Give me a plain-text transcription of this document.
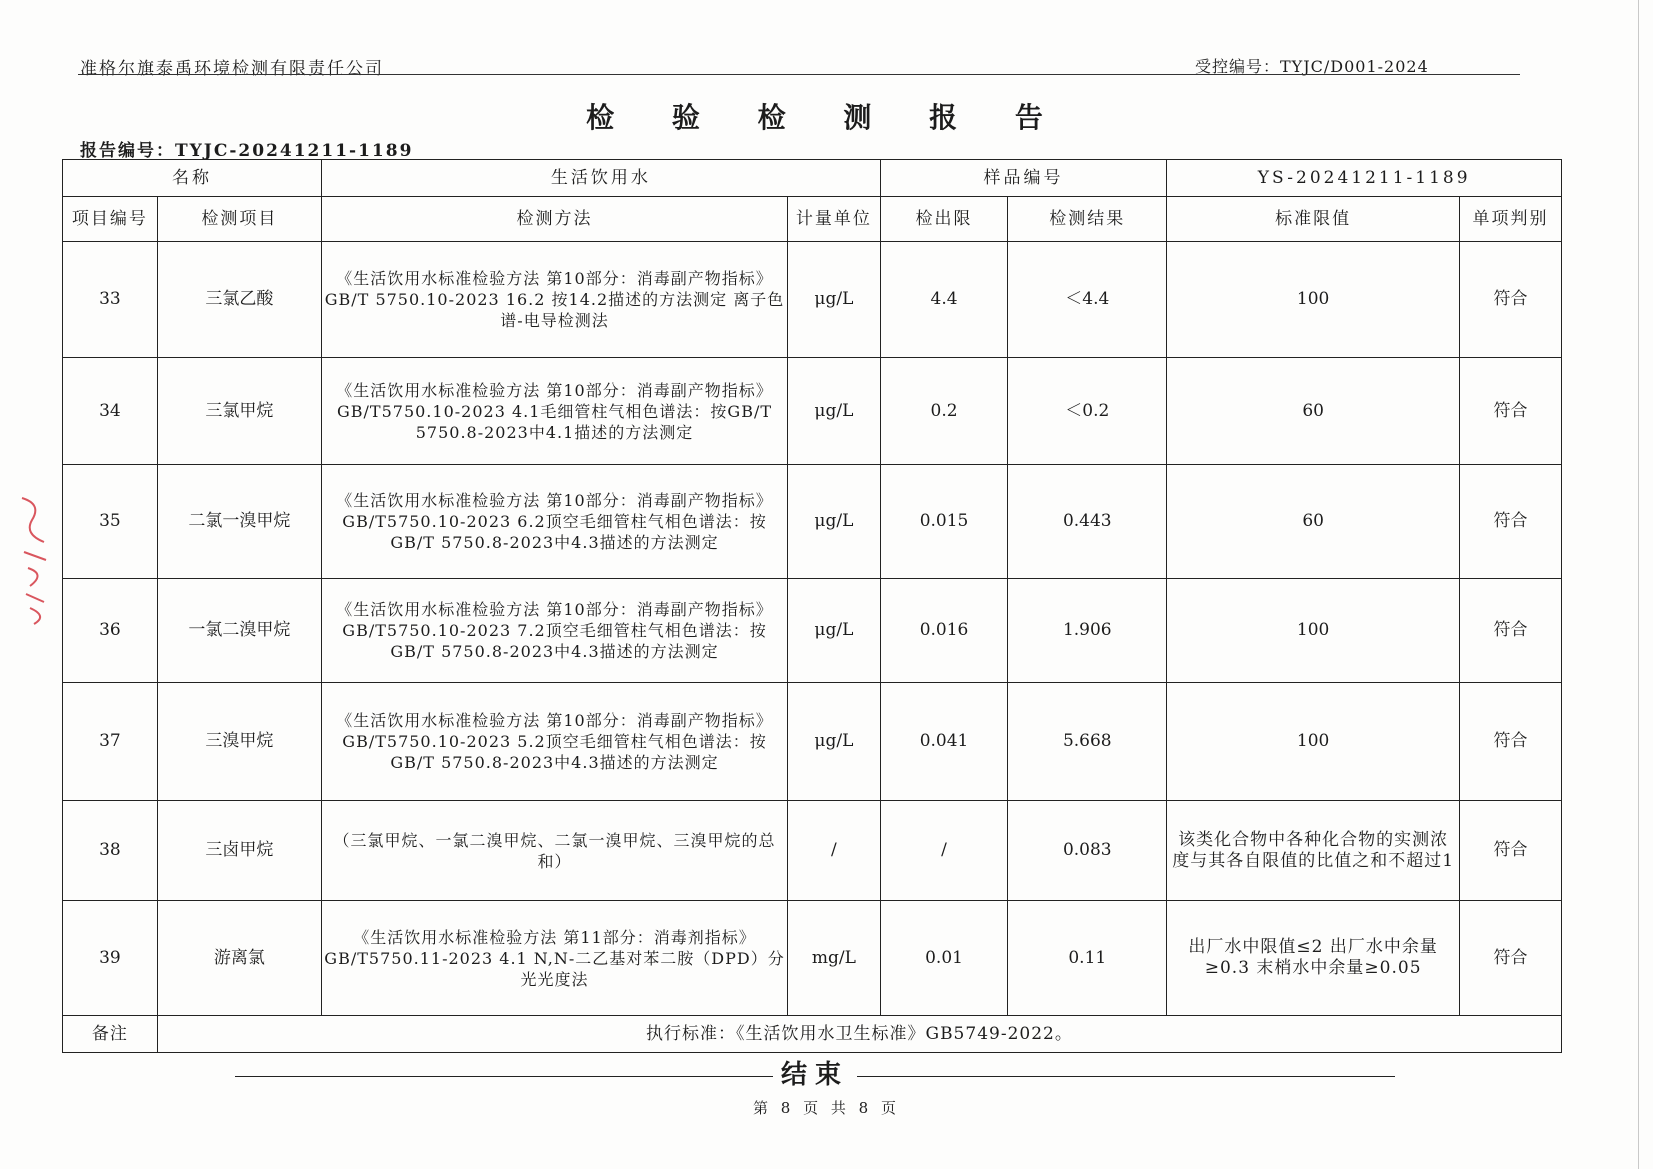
准格尔旗泰禹环境检测有限责任公司	受控编号：TYJC/D001-2024
检 验 检 测 报 告
报告编号：TYJC-20241211-1189
名称		生活饮用水		样品编号		YS-20241211-1189	
项目编号	检测项目	检测方法	计量单位	检出限	检测结果	标准限值	单项判别
33	三氯乙酸	《生活饮用水标准检验方法 第10部分：消毒副产物指标》GB/T 5750.10-2023 16.2 按14.2描述的方法测定 离子色谱-电导检测法	μg/L	4.4	＜4.4	100	符合
34	三氯甲烷	《生活饮用水标准检验方法 第10部分：消毒副产物指标》GB/T5750.10-2023 4.1毛细管柱气相色谱法：按GB/T 5750.8-2023中4.1描述的方法测定	μg/L	0.2	＜0.2	60	符合
35	二氯一溴甲烷	《生活饮用水标准检验方法 第10部分：消毒副产物指标》GB/T5750.10-2023 6.2顶空毛细管柱气相色谱法：按GB/T 5750.8-2023中4.3描述的方法测定	μg/L	0.015	0.443	60	符合
36	一氯二溴甲烷	《生活饮用水标准检验方法 第10部分：消毒副产物指标》GB/T5750.10-2023 7.2顶空毛细管柱气相色谱法：按GB/T 5750.8-2023中4.3描述的方法测定	μg/L	0.016	1.906	100	符合
37	三溴甲烷	《生活饮用水标准检验方法 第10部分：消毒副产物指标》GB/T5750.10-2023 5.2顶空毛细管柱气相色谱法：按GB/T 5750.8-2023中4.3描述的方法测定	μg/L	0.041	5.668	100	符合
38	三卤甲烷	（三氯甲烷、一氯二溴甲烷、二氯一溴甲烷、三溴甲烷的总和）	/	/	0.083	该类化合物中各种化合物的实测浓度与其各自限值的比值之和不超过1	符合
39	游离氯	《生活饮用水标准检验方法 第11部分：消毒剂指标》GB/T5750.11-2023 4.1 N,N-二乙基对苯二胺（DPD）分光光度法	mg/L	0.01	0.11	出厂水中限值≤2 出厂水中余量≥0.3 末梢水中余量≥0.05	符合
备注	执行标准：《生活饮用水卫生标准》GB5749-2022。						
结束
第 8 页 共 8 页
